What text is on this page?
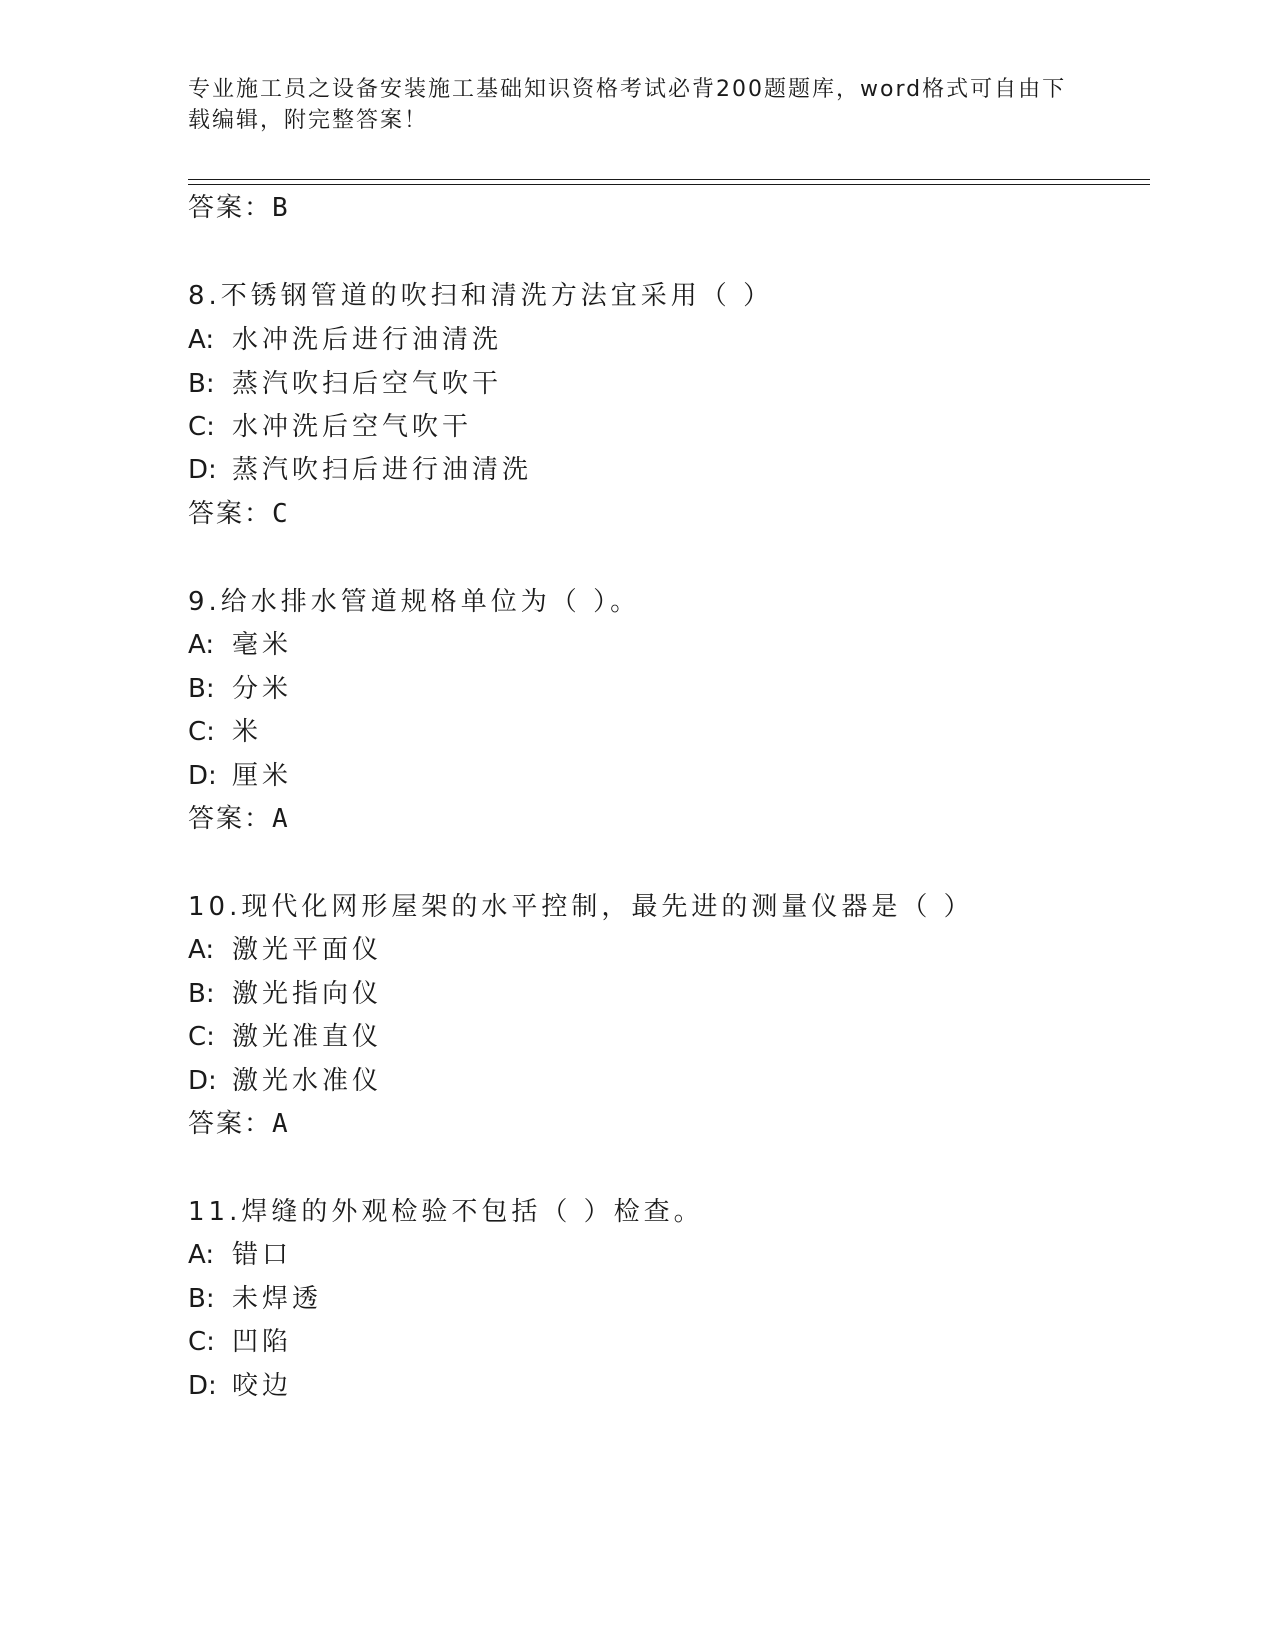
专业施工员之设备安装施工基础知识资格考试必背200题题库，word格式可自由下载编辑，附完整答案！
答案：B
8.不锈钢管道的吹扫和清洗方法宜采用（ ）
A: 水冲洗后进行油清洗
B: 蒸汽吹扫后空气吹干
C: 水冲洗后空气吹干
D: 蒸汽吹扫后进行油清洗
答案：C
9.给水排水管道规格单位为（ ）。
A: 毫米
B: 分米
C: 米
D: 厘米
答案：A
10.现代化网形屋架的水平控制，最先进的测量仪器是（ ）
A: 激光平面仪
B: 激光指向仪
C: 激光准直仪
D: 激光水准仪
答案：A
11.焊缝的外观检验不包括（ ）检查。
A: 错口
B: 未焊透
C: 凹陷
D: 咬边
